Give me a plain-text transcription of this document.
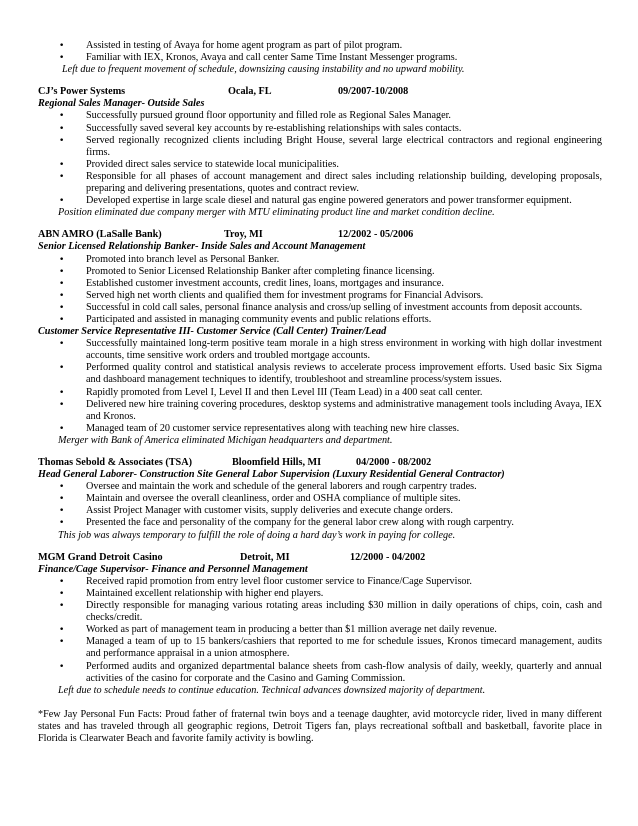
• Assisted in testing of Avaya for home agent program as part of pilot program.
• Familiar with IEX, Kronos, Avaya and call center Same Time Instant Messenger programs.
Left due to frequent movement of schedule, downsizing causing instability and no upward mobility.
CJ’s Power Systems	Ocala, FL	09/2007-10/2008
Regional Sales Manager- Outside Sales
• Successfully pursued ground floor opportunity and filled role as Regional Sales Manager.
• Successfully saved several key accounts by re-establishing relationships with sales contacts.
• Served regionally recognized clients including Bright House, several large electrical contractors and regional engineering firms.
• Provided direct sales service to statewide local municipalities.
• Responsible for all phases of account management and direct sales including relationship building, developing proposals, preparing and delivering presentations, quotes and contract review.
• Developed expertise in large scale diesel and natural gas engine powered generators and power transformer equipment.
Position eliminated due company merger with MTU eliminating product line and market condition decline.
ABN AMRO (LaSalle Bank)	Troy, MI	12/2002 - 05/2006
Senior Licensed Relationship Banker- Inside Sales and Account Management
• Promoted into branch level as Personal Banker.
• Promoted to Senior Licensed Relationship Banker after completing finance licensing.
• Established customer investment accounts, credit lines, loans, mortgages and insurance.
• Served high net worth clients and qualified them for investment programs for Financial Advisors.
• Successful in cold call sales, personal finance analysis and cross/up selling of investment accounts from deposit accounts.
• Participated and assisted in managing community events and public relations efforts.
Customer Service Representative III- Customer Service (Call Center) Trainer/Lead
• Successfully maintained long-term positive team morale in a high stress environment in working with high dollar investment accounts, time sensitive work orders and troubled mortgage accounts.
• Performed quality control and statistical analysis reviews to accelerate process improvement efforts. Used basic Six Sigma and dashboard management techniques to identify, troubleshoot and streamline process/system issues.
• Rapidly promoted from Level I, Level II and then Level III (Team Lead) in a 400 seat call center.
• Delivered new hire training covering procedures, desktop systems and administrative management tools including Avaya, IEX and Kronos.
• Managed team of 20 customer service representatives along with teaching new hire classes.
Merger with Bank of America eliminated Michigan headquarters and department.
Thomas Sebold & Associates (TSA)	Bloomfield Hills, MI	04/2000 - 08/2002
Head General Laborer- Construction Site General Labor Supervision (Luxury Residential General Contractor)
• Oversee and maintain the work and schedule of the general laborers and rough carpentry trades.
• Maintain and oversee the overall cleanliness, order and OSHA compliance of multiple sites.
• Assist Project Manager with customer visits, supply deliveries and execute change orders.
• Presented the face and personality of the company for the general labor crew along with rough carpentry.
This job was always temporary to fulfill the role of doing a hard day’s work in paying for college.
MGM Grand Detroit Casino	Detroit, MI	12/2000 - 04/2002
Finance/Cage Supervisor- Finance and Personnel Management
• Received rapid promotion from entry level floor customer service to Finance/Cage Supervisor.
• Maintained excellent relationship with higher end players.
• Directly responsible for managing various rotating areas including $30 million in daily operations of chips, coin, cash and checks/credit.
• Worked as part of management team in producing a better than $1 million average net daily revenue.
• Managed a team of up to 15 bankers/cashiers that reported to me for schedule issues, Kronos timecard management, audits and performance appraisal in a union atmosphere.
• Performed audits and organized departmental balance sheets from cash-flow analysis of daily, weekly, quarterly and annual activities of the casino for corporate and the Casino and Gaming Commission.
Left due to schedule needs to continue education. Technical advances downsized majority of department.

*Few Jay Personal Fun Facts: Proud father of fraternal twin boys and a teenage daughter, avid motorcycle rider, lived in many different states and has traveled through all geographic regions, Detroit Tigers fan, plays recreational softball and basketball, favorite place in Florida is Clearwater Beach and favorite family activity is bowling.
